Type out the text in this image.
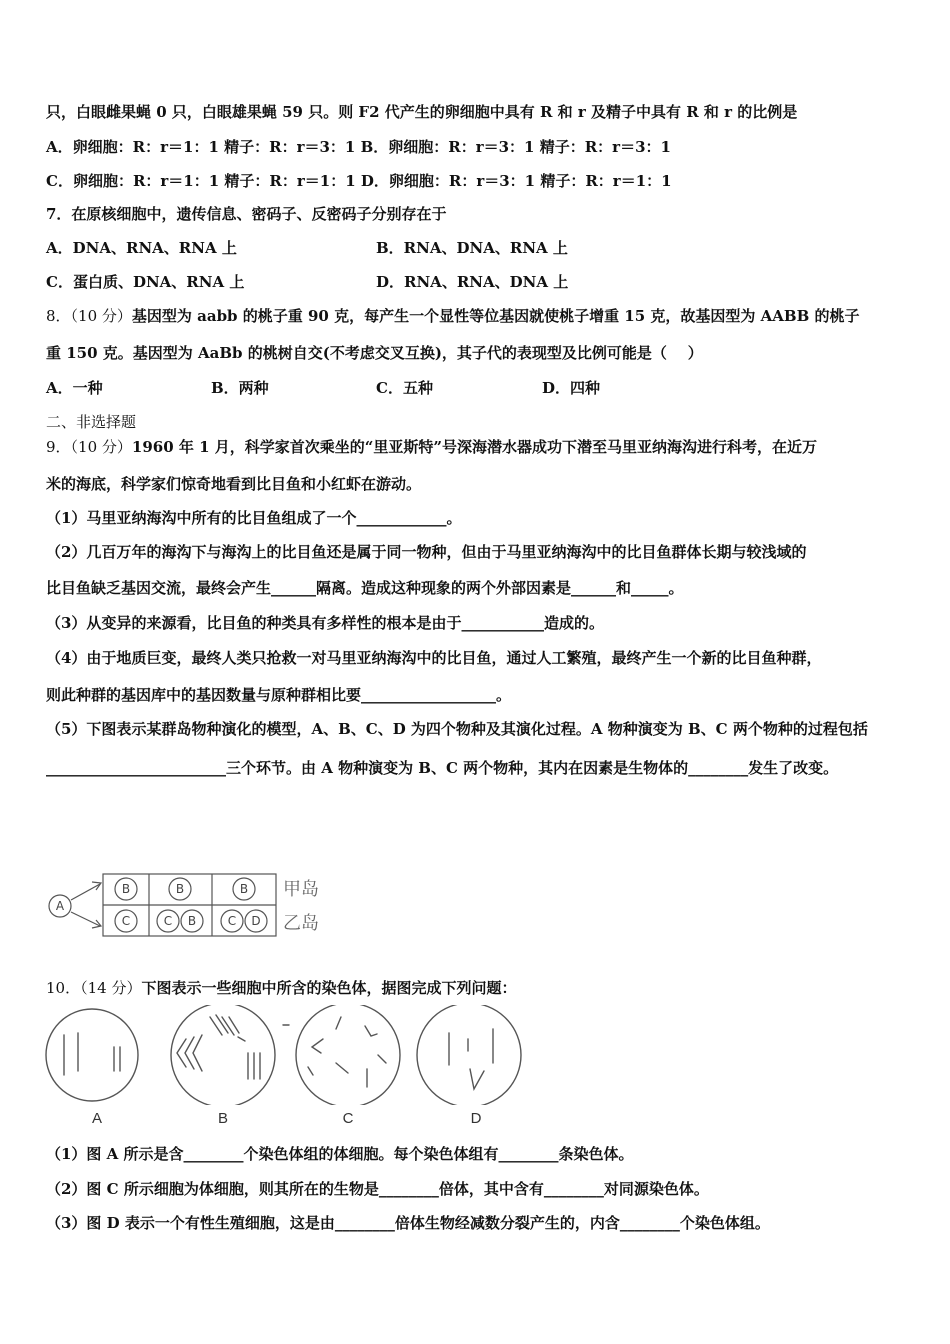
只，白眼雌果蝇 0 只，白眼雄果蝇 59 只。则 F2 代产生的卵细胞中具有 R 和 r 及精子中具有 R 和 r 的比例是
A．卵细胞：R：r＝1：1 精子：R：r＝3：1 B．卵细胞：R：r＝3：1 精子：R：r＝3：1
C．卵细胞：R：r＝1：1 精子：R：r＝1：1 D．卵细胞：R：r＝3：1 精子：R：r＝1：1
7．在原核细胞中，遗传信息、密码子、反密码子分别存在于
A．DNA、RNA、RNA 上	B．RNA、DNA、RNA 上
C．蛋白质、DNA、RNA 上	D．RNA、RNA、DNA 上
8．（10 分）基因型为 aabb 的桃子重 90 克，每产生一个显性等位基因就使桃子增重 15 克，故基因型为 AABB 的桃子
重 150 克。基因型为 AaBb 的桃树自交(不考虑交叉互换)，其子代的表现型及比例可能是（    ）
A．一种	B．两种	C．五种	D．四种
二、非选择题
9．（10 分）1960 年 1 月，科学家首次乘坐的“里亚斯特”号深海潜水器成功下潜至马里亚纳海沟进行科考，在近万
米的海底，科学家们惊奇地看到比目鱼和小红虾在游动。
（1）马里亚纳海沟中所有的比目鱼组成了一个____________。
（2）几百万年的海沟下与海沟上的比目鱼还是属于同一物种，但由于马里亚纳海沟中的比目鱼群体长期与较浅域的
比目鱼缺乏基因交流，最终会产生______隔离。造成这种现象的两个外部因素是______和_____。
（3）从变异的来源看，比目鱼的种类具有多样性的根本是由于___________造成的。
（4）由于地质巨变，最终人类只抢救一对马里亚纳海沟中的比目鱼，通过人工繁殖，最终产生一个新的比目鱼种群，
则此种群的基因库中的基因数量与原种群相比要__________________。
（5）下图表示某群岛物种演化的模型，A、B、C、D 为四个物种及其演化过程。A 物种演变为 B、C 两个物种的过程包括
________________________三个环节。由 A 物种演变为 B、C 两个物种，其内在因素是生物体的________发生了改变。
A
B	B	B
C	C B	C D
甲岛
乙岛
10．（14 分）下图表示一些细胞中所含的染色体，据图完成下列问题：
A	B	C	D
（1）图 A 所示是含________个染色体组的体细胞。每个染色体组有________条染色体。
（2）图 C 所示细胞为体细胞，则其所在的生物是________倍体，其中含有________对同源染色体。
（3）图 D 表示一个有性生殖细胞，这是由________倍体生物经减数分裂产生的，内含________个染色体组。
